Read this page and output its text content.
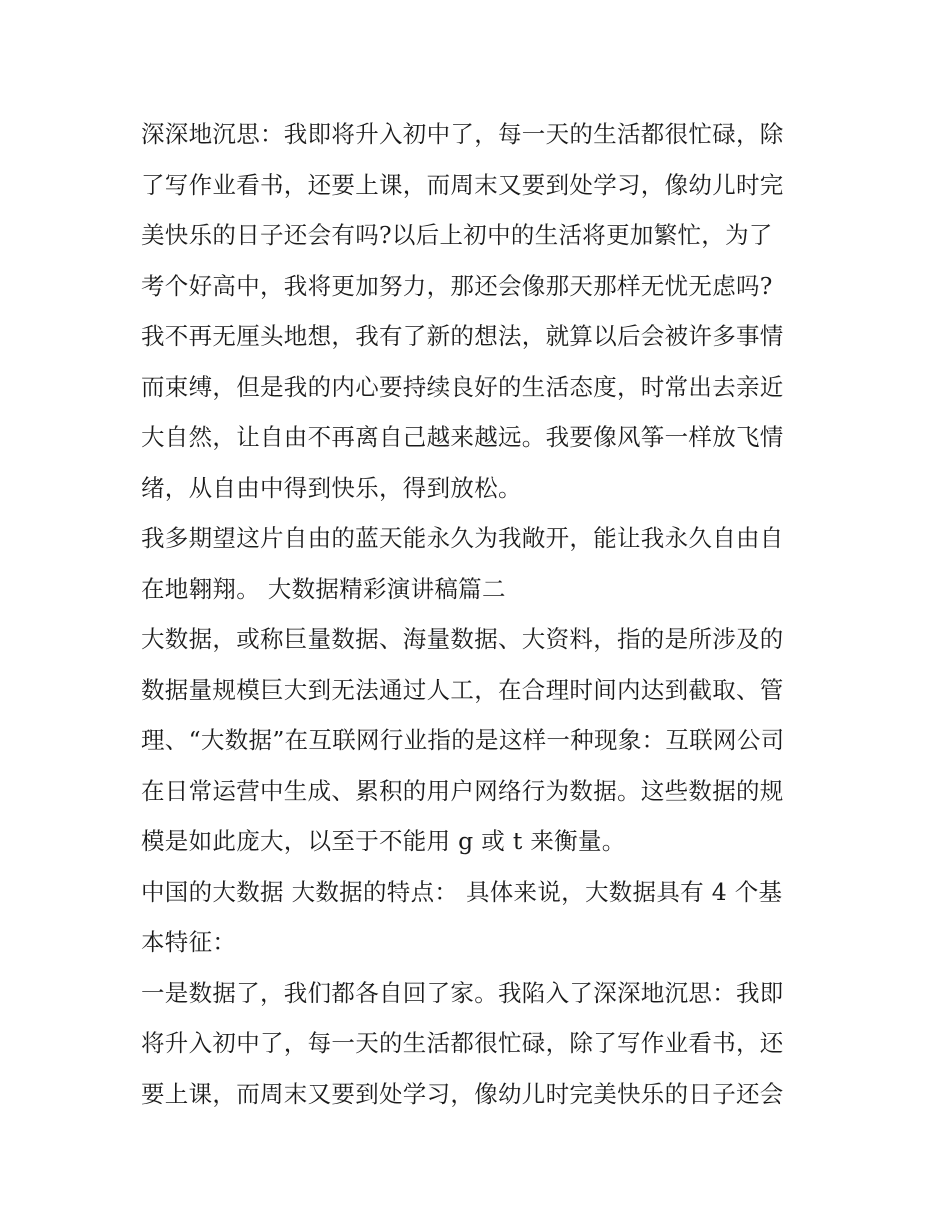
深深地沉思：我即将升入初中了，每一天的生活都很忙碌，除
了写作业看书，还要上课，而周末又要到处学习，像幼儿时完
美快乐的日子还会有吗?以后上初中的生活将更加繁忙，为了
考个好高中，我将更加努力，那还会像那天那样无忧无虑吗?
我不再无厘头地想，我有了新的想法，就算以后会被许多事情
而束缚，但是我的内心要持续良好的生活态度，时常出去亲近
大自然，让自由不再离自己越来越远。我要像风筝一样放飞情
绪，从自由中得到快乐，得到放松。
我多期望这片自由的蓝天能永久为我敞开，能让我永久自由自
在地翱翔。 大数据精彩演讲稿篇二
大数据，或称巨量数据、海量数据、大资料，指的是所涉及的
数据量规模巨大到无法通过人工，在合理时间内达到截取、管
理、“大数据”在互联网行业指的是这样一种现象：互联网公司
在日常运营中生成、累积的用户网络行为数据。这些数据的规
模是如此庞大，以至于不能用 g 或 t 来衡量。
中国的大数据 大数据的特点： 具体来说，大数据具有 4 个基
本特征：
一是数据了，我们都各自回了家。我陷入了深深地沉思：我即
将升入初中了，每一天的生活都很忙碌，除了写作业看书，还
要上课，而周末又要到处学习，像幼儿时完美快乐的日子还会
